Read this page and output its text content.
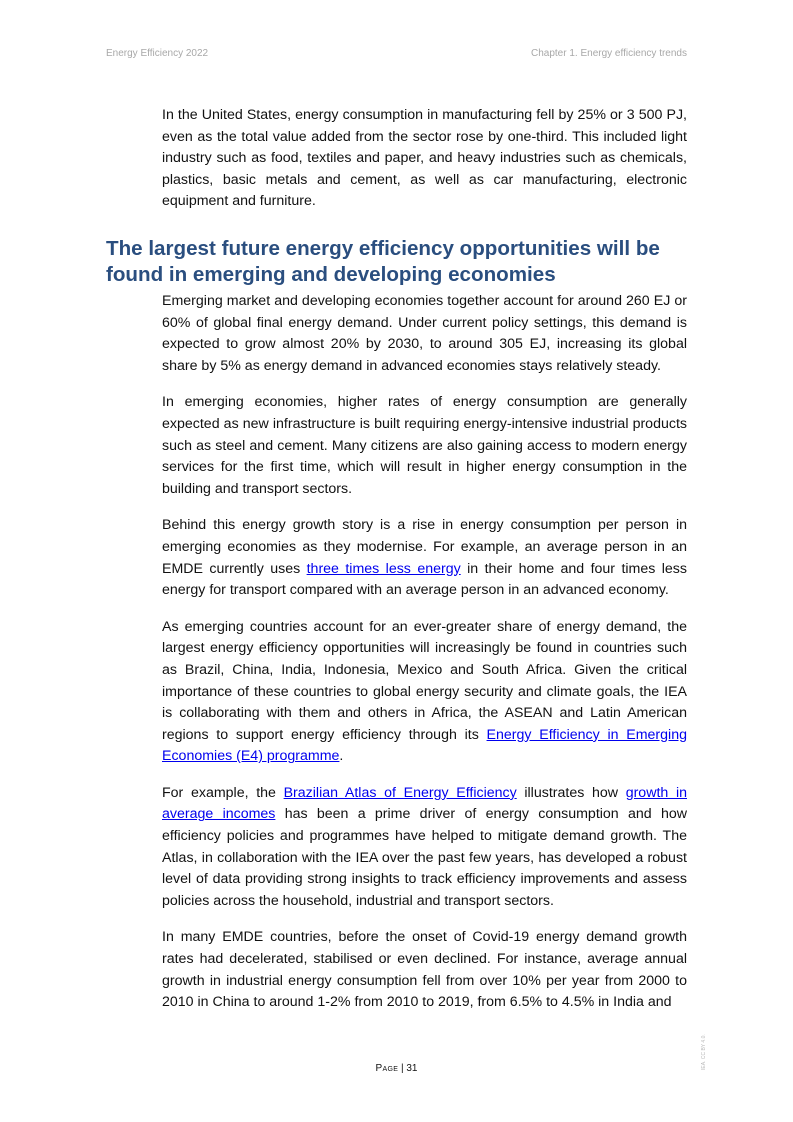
Energy Efficiency 2022	Chapter 1. Energy efficiency trends

In the United States, energy consumption in manufacturing fell by 25% or 3 500 PJ, even as the total value added from the sector rose by one-third. This included light industry such as food, textiles and paper, and heavy industries such as chemicals, plastics, basic metals and cement, as well as car manufacturing, electronic equipment and furniture.

The largest future energy efficiency opportunities will be found in emerging and developing economies

Emerging market and developing economies together account for around 260 EJ or 60% of global final energy demand. Under current policy settings, this demand is expected to grow almost 20% by 2030, to around 305 EJ, increasing its global share by 5% as energy demand in advanced economies stays relatively steady.

In emerging economies, higher rates of energy consumption are generally expected as new infrastructure is built requiring energy-intensive industrial products such as steel and cement. Many citizens are also gaining access to modern energy services for the first time, which will result in higher energy consumption in the building and transport sectors.

Behind this energy growth story is a rise in energy consumption per person in emerging economies as they modernise. For example, an average person in an EMDE currently uses three times less energy in their home and four times less energy for transport compared with an average person in an advanced economy.

As emerging countries account for an ever-greater share of energy demand, the largest energy efficiency opportunities will increasingly be found in countries such as Brazil, China, India, Indonesia, Mexico and South Africa. Given the critical importance of these countries to global energy security and climate goals, the IEA is collaborating with them and others in Africa, the ASEAN and Latin American regions to support energy efficiency through its Energy Efficiency in Emerging Economies (E4) programme.

For example, the Brazilian Atlas of Energy Efficiency illustrates how growth in average incomes has been a prime driver of energy consumption and how efficiency policies and programmes have helped to mitigate demand growth. The Atlas, in collaboration with the IEA over the past few years, has developed a robust level of data providing strong insights to track efficiency improvements and assess policies across the household, industrial and transport sectors.

In many EMDE countries, before the onset of Covid-19 energy demand growth rates had decelerated, stabilised or even declined. For instance, average annual growth in industrial energy consumption fell from over 10% per year from 2000 to 2010 in China to around 1-2% from 2010 to 2019, from 6.5% to 4.5% in India and

IEA. CC BY 4.0.
Page | 31
